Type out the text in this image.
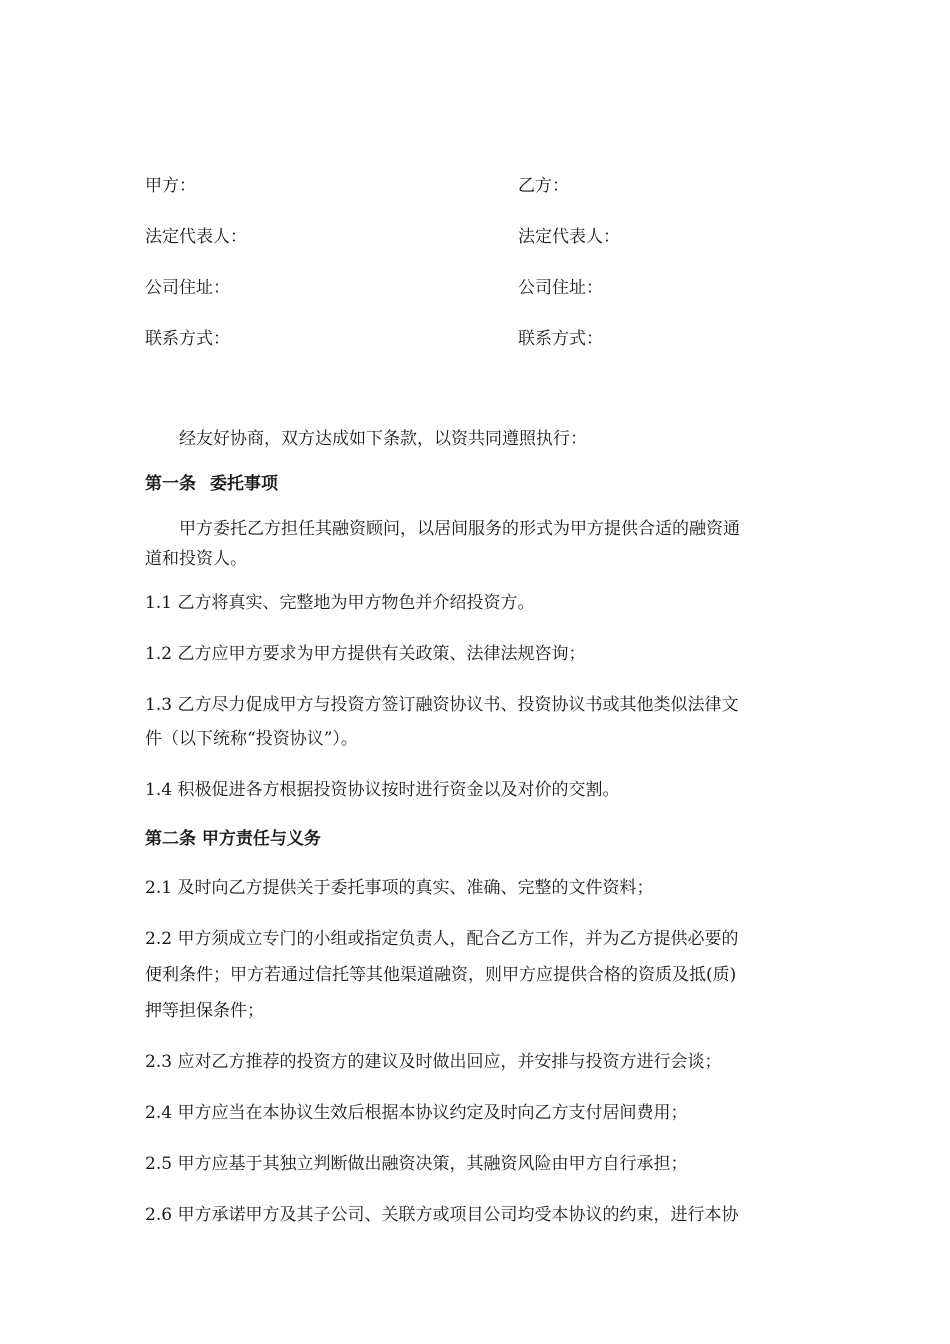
甲方：	乙方：
法定代表人：	法定代表人：
公司住址：	公司住址：
联系方式：	联系方式：

经友好协商，双方达成如下条款，以资共同遵照执行：

第一条 委托事项

甲方委托乙方担任其融资顾问，以居间服务的形式为甲方提供合适的融资通
道和投资人。

1.1 乙方将真实、完整地为甲方物色并介绍投资方。

1.2 乙方应甲方要求为甲方提供有关政策、法律法规咨询；

1.3 乙方尽力促成甲方与投资方签订融资协议书、投资协议书或其他类似法律文
件（以下统称“投资协议”）。

1.4 积极促进各方根据投资协议按时进行资金以及对价的交割。

第二条 甲方责任与义务

2.1 及时向乙方提供关于委托事项的真实、准确、完整的文件资料；

2.2 甲方须成立专门的小组或指定负责人，配合乙方工作，并为乙方提供必要的
便利条件；甲方若通过信托等其他渠道融资，则甲方应提供合格的资质及抵(质)
押等担保条件；

2.3 应对乙方推荐的投资方的建议及时做出回应，并安排与投资方进行会谈；

2.4 甲方应当在本协议生效后根据本协议约定及时向乙方支付居间费用；

2.5 甲方应基于其独立判断做出融资决策，其融资风险由甲方自行承担；

2.6 甲方承诺甲方及其子公司、关联方或项目公司均受本协议的约束，进行本协
